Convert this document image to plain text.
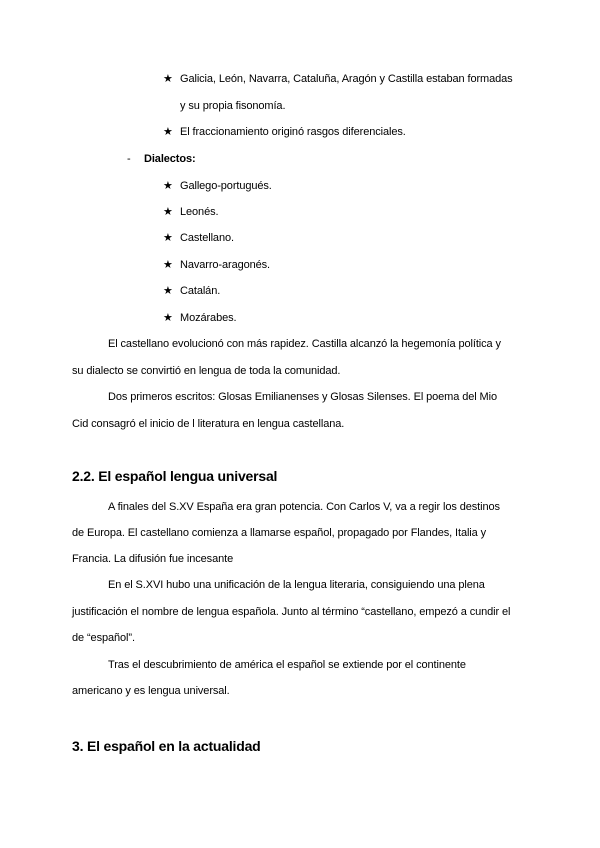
★ Galicia, León, Navarra, Cataluña, Aragón y Castilla estaban formadas
y su propia fisonomía.
★ El fraccionamiento originó rasgos diferenciales.
- Dialectos:
★ Gallego-portugués.
★ Leonés.
★ Castellano.
★ Navarro-aragonés.
★ Catalán.
★ Mozárabes.
El castellano evolucionó con más rapidez. Castilla alcanzó la hegemonía política y
su dialecto se convirtió en lengua de toda la comunidad.
Dos primeros escritos: Glosas Emilianenses y Glosas Silenses. El poema del Mio
Cid consagró el inicio de l literatura en lengua castellana.
2.2. El español lengua universal
A finales del S.XV España era gran potencia. Con Carlos V, va a regir los destinos
de Europa. El castellano comienza a llamarse español, propagado por Flandes, Italia y
Francia. La difusión fue incesante
En el S.XVI hubo una unificación de la lengua literaria, consiguiendo una plena
justificación el nombre de lengua española. Junto al término “castellano, empezó a cundir el
de “español”.
Tras el descubrimiento de américa el español se extiende por el continente
americano y es lengua universal.
3. El español en la actualidad
